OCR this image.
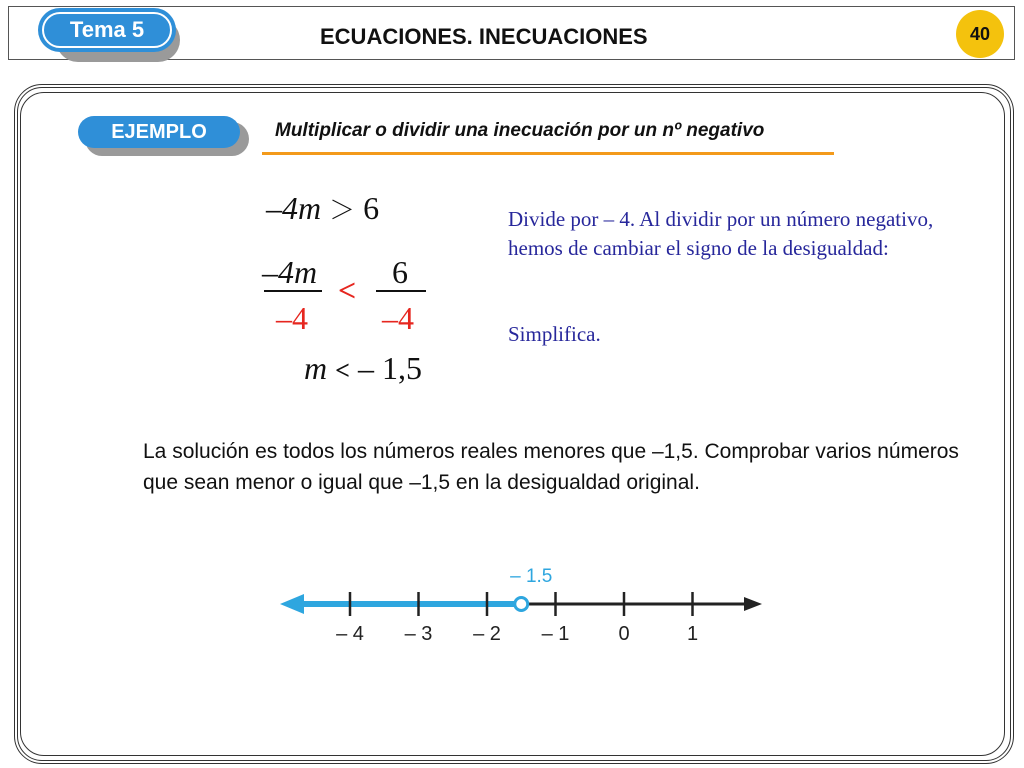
Tema 5	ECUACIONES. INECUACIONES	40
EJEMPLO	Multiplicar o dividir una inecuación por un nº negativo
–4m ＞ 6
–4m
–4
< 6
–4
m < – 1,5
Divide por – 4. Al dividir por un número negativo, hemos de cambiar el signo de la desigualdad:
Simplifica.
La solución es todos los números reales menores que –1,5. Comprobar varios números que sean menor o igual que –1,5 en la desigualdad original.
– 4 – 3 – 2 – 1 0	1
– 1.5
